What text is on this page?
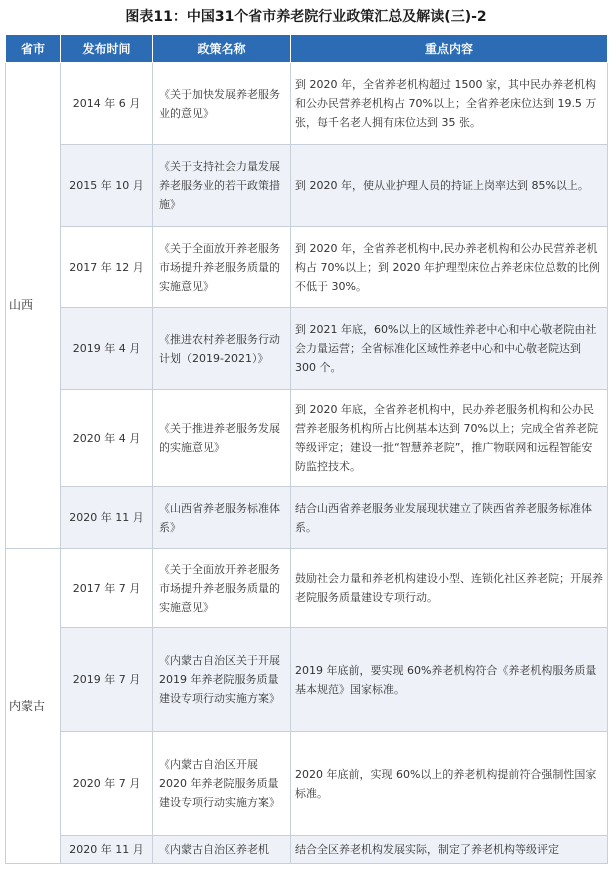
图表11：中国31个省市养老院行业政策汇总及解读(三)-2
省市	发布时间	政策名称	重点内容
山西	2014 年 6 月	《关于加快发展养老服务业的意见》	到 2020 年，全省养老机构超过 1500 家，其中民办养老机构和公办民营养老机构占 70%以上；全省养老床位达到 19.5 万张，每千名老人拥有床位达到 35 张。
	2015 年 10 月	《关于支持社会力量发展养老服务业的若干政策措施》	到 2020 年，使从业护理人员的持证上岗率达到 85%以上。
	2017 年 12 月	《关于全面放开养老服务市场提升养老服务质量的实施意见》	到 2020 年，全省养老机构中,民办养老机构和公办民营养老机构占 70%以上；到 2020 年护理型床位占养老床位总数的比例不低于 30%。
	2019 年 4 月	《推进农村养老服务行动计划（2019-2021）》	到 2021 年底，60%以上的区域性养老中心和中心敬老院由社会力量运营；全省标准化区域性养老中心和中心敬老院达到 300 个。
	2020 年 4 月	《关于推进养老服务发展的实施意见》	到 2020 年底，全省养老机构中，民办养老服务机构和公办民营养老服务机构所占比例基本达到 70%以上；完成全省养老院等级评定；建设一批“智慧养老院”，推广物联网和远程智能安防监控技术。
	2020 年 11 月	《山西省养老服务标准体系》	结合山西省养老服务业发展现状建立了陕西省养老服务标准体系。
内蒙古	2017 年 7 月	《关于全面放开养老服务市场提升养老服务质量的实施意见》	鼓励社会力量和养老机构建设小型、连锁化社区养老院；开展养老院服务质量建设专项行动。
	2019 年 7 月	《内蒙古自治区关于开展 2019 年养老院服务质量建设专项行动实施方案》	2019 年底前，要实现 60%养老机构符合《养老机构服务质量基本规范》国家标准。
	2020 年 7 月	《内蒙古自治区开展 2020 年养老院服务质量建设专项行动实施方案》	2020 年底前，实现 60%以上的养老机构提前符合强制性国家标准。
	2020 年 11 月	《内蒙古自治区养老机	结合全区养老机构发展实际，制定了养老机构等级评定
